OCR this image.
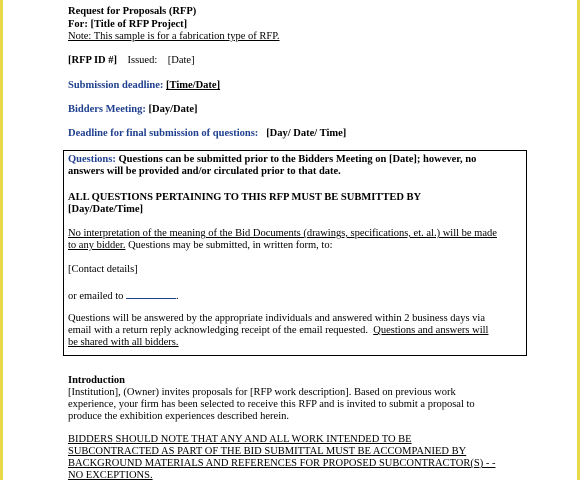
Request for Proposals (RFP)
For: [Title of RFP Project]
Note: This sample is for a fabrication type of RFP.
[RFP ID #] Issued: [Date]
Submission deadline: [Time/Date]
Bidders Meeting: [Day/Date]
Deadline for final submission of questions: [Day/ Date/ Time]
Questions: Questions can be submitted prior to the Bidders Meeting on [Date]; however, no
answers will be provided and/or circulated prior to that date.
ALL QUESTIONS PERTAINING TO THIS RFP MUST BE SUBMITTED BY
[Day/Date/Time]
No interpretation of the meaning of the Bid Documents (drawings, specifications, et. al.) will be made
to any bidder. Questions may be submitted, in written form, to:
[Contact details]
or emailed to	.
Questions will be answered by the appropriate individuals and answered within 2 business days via
email with a return reply acknowledging receipt of the email requested. Questions and answers will
be shared with all bidders.
Introduction
[Institution], (Owner) invites proposals for [RFP work description]. Based on previous work
experience, your firm has been selected to receive this RFP and is invited to submit a proposal to
produce the exhibition experiences described herein.
BIDDERS SHOULD NOTE THAT ANY AND ALL WORK INTENDED TO BE
SUBCONTRACTED AS PART OF THE BID SUBMITTAL MUST BE ACCOMPANIED BY
BACKGROUND MATERIALS AND REFERENCES FOR PROPOSED SUBCONTRACTOR(S) - -
NO EXCEPTIONS.
